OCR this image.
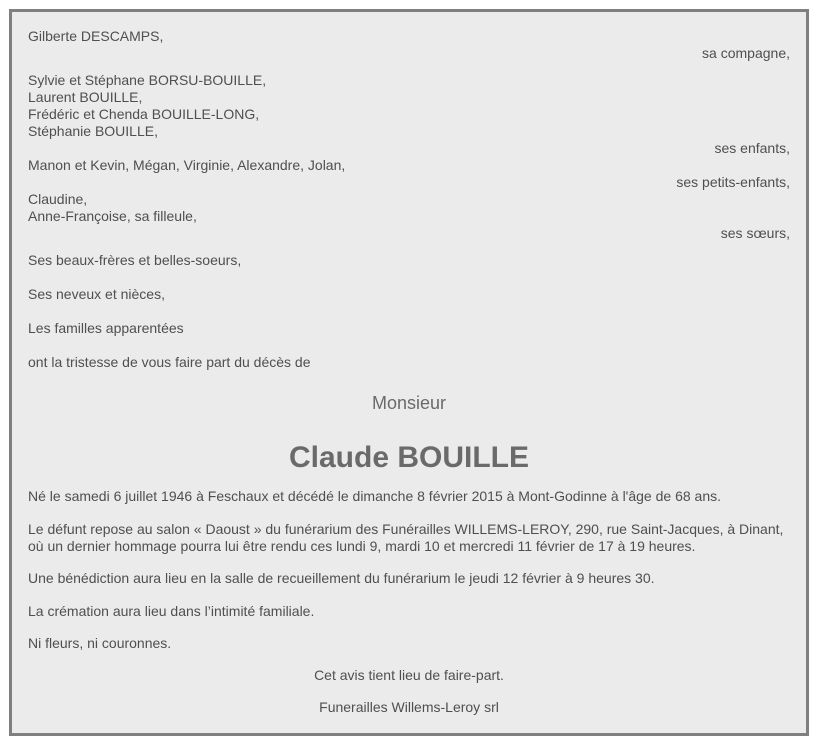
Gilberte DESCAMPS,
sa compagne,
Sylvie et Stéphane BORSU-BOUILLE,
Laurent BOUILLE,
Frédéric et Chenda BOUILLE-LONG,
Stéphanie BOUILLE,
ses enfants,
Manon et Kevin, Mégan, Virginie, Alexandre, Jolan,
ses petits-enfants,
Claudine,
Anne-Françoise, sa filleule,
ses sœurs,
Ses beaux-frères et belles-soeurs,
Ses neveux et nièces,
Les familles apparentées
ont la tristesse de vous faire part du décès de
Monsieur
Claude BOUILLE
Né le samedi 6 juillet 1946 à Feschaux et décédé le dimanche 8 février 2015 à Mont-Godinne à l'âge de 68 ans.

Le défunt repose au salon « Daoust » du funérarium des Funérailles WILLEMS-LEROY, 290, rue Saint-Jacques, à Dinant, où un dernier hommage pourra lui être rendu ces lundi 9, mardi 10 et mercredi 11 février de 17 à 19 heures.

Une bénédiction aura lieu en la salle de recueillement du funérarium le jeudi 12 février à 9 heures 30.
La crémation aura lieu dans l’intimité familiale.
Ni fleurs, ni couronnes.
Cet avis tient lieu de faire-part.
Funerailles Willems-Leroy srl
